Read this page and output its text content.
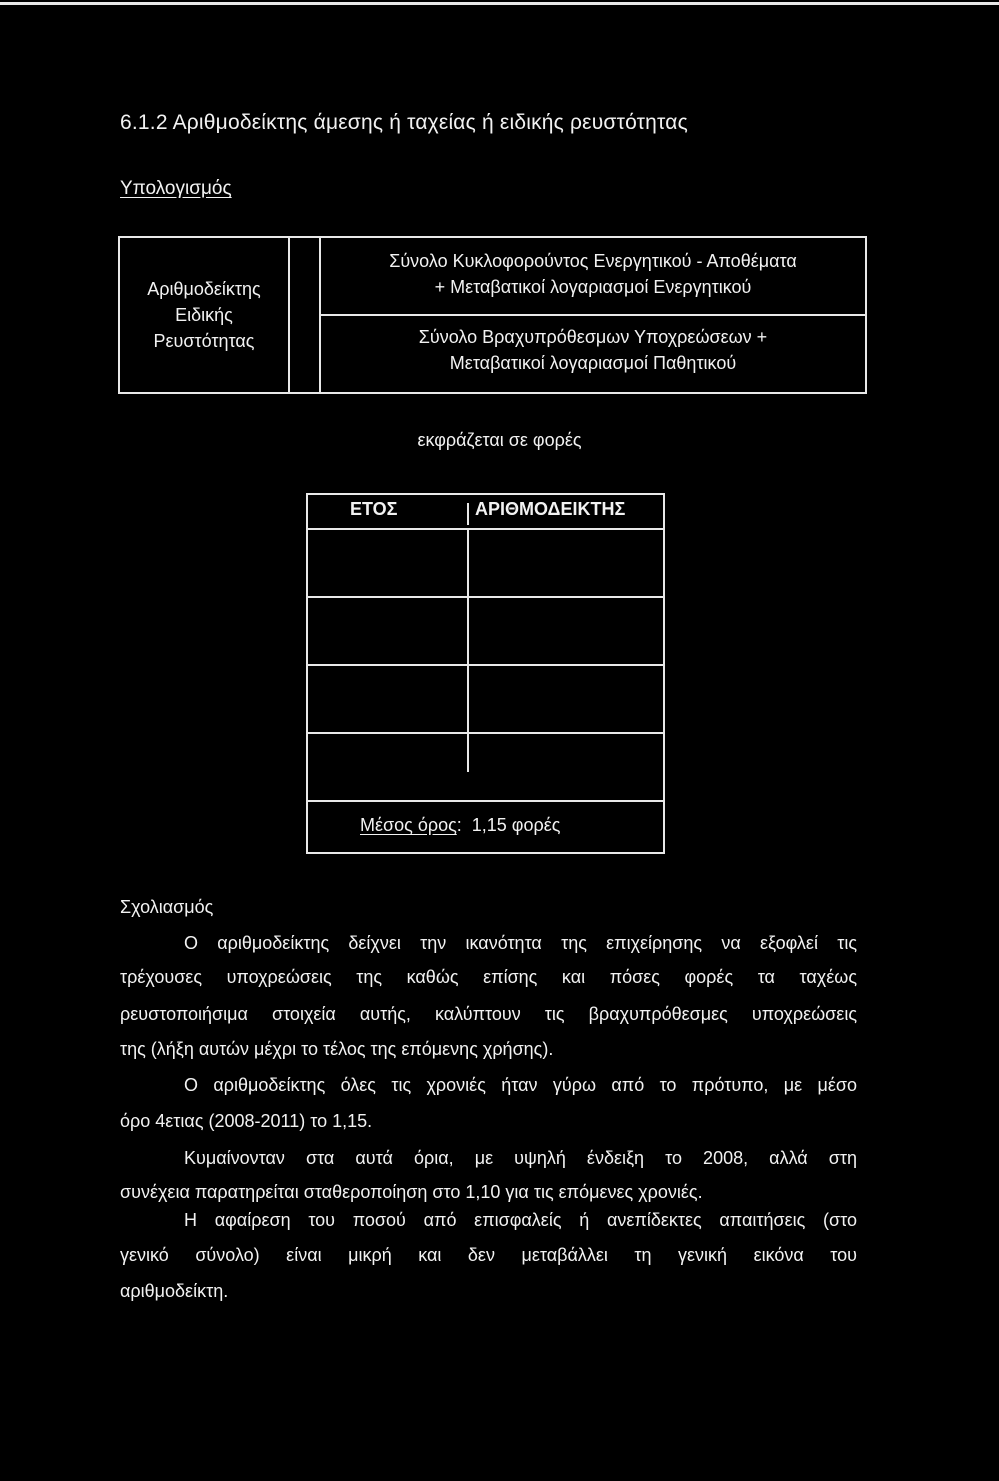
6.1.2 Αριθμοδείκτης άμεσης ή ταχείας ή ειδικής ρευστότητας
Υπολογισμός
Αριθμοδείκτης
Ειδικής
Ρευστότητας
Σύνολο Κυκλοφορούντος Ενεργητικού - Αποθέματα
+ Μεταβατικοί λογαριασμοί Ενεργητικού
Σύνολο Βραχυπρόθεσμων Υποχρεώσεων +
Μεταβατικοί λογαριασμοί Παθητικού
εκφράζεται σε φορές
ΕΤΟΣ	ΑΡΙΘΜΟΔΕΙΚΤΗΣ
Μέσος όρος: 1,15 φορές
Σχολιασμός
Ο αριθμοδείκτης δείχνει την ικανότητα της επιχείρησης να εξοφλεί τις
τρέχουσες υποχρεώσεις της καθώς επίσης και πόσες φορές τα ταχέως
ρευστοποιήσιμα στοιχεία αυτής, καλύπτουν τις βραχυπρόθεσμες υποχρεώσεις
της (λήξη αυτών μέχρι το τέλος της επόμενης χρήσης).
Ο αριθμοδείκτης όλες τις χρονιές ήταν γύρω από το πρότυπο, με μέσο
όρο 4ετιας (2008-2011) το 1,15.
Κυμαίνονταν στα αυτά όρια, με υψηλή ένδειξη το 2008, αλλά στη
συνέχεια παρατηρείται σταθεροποίηση στο 1,10 για τις επόμενες χρονιές.
Η αφαίρεση του ποσού από επισφαλείς ή ανεπίδεκτες απαιτήσεις (στο
γενικό σύνολο) είναι μικρή και δεν μεταβάλλει τη γενική εικόνα του
αριθμοδείκτη.
